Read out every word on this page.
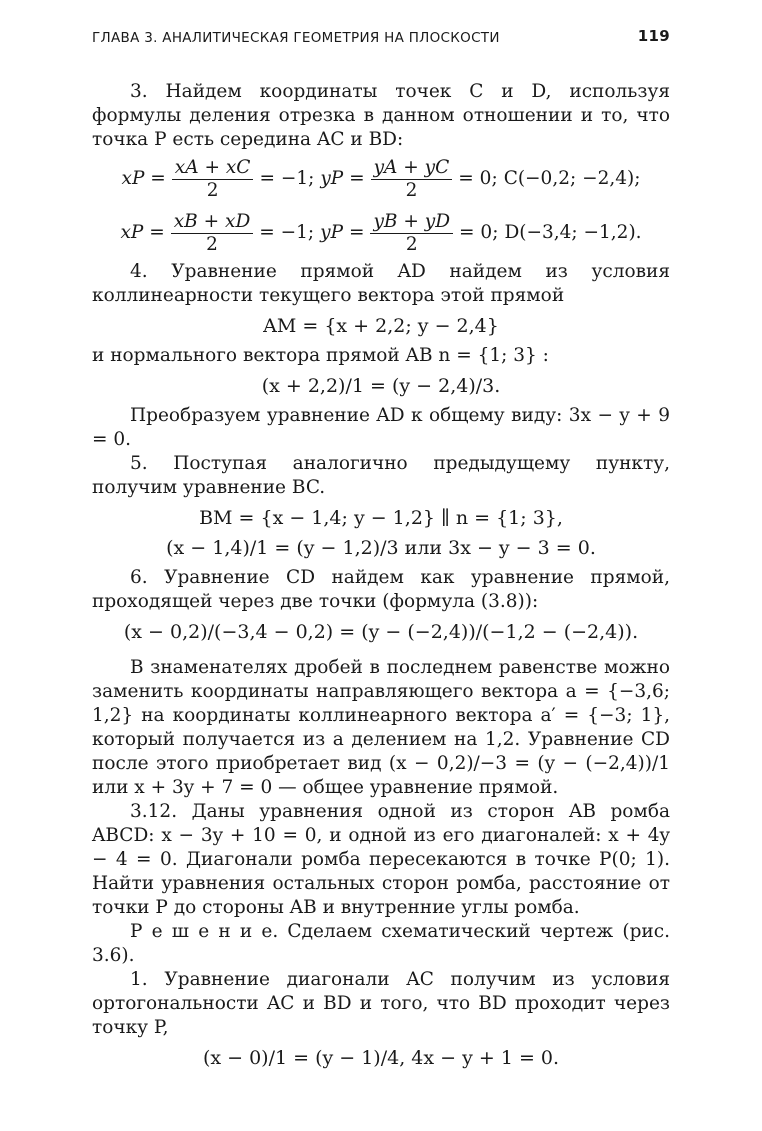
ГЛАВА 3. АНАЛИТИЧЕСКАЯ ГЕОМЕТРИЯ НА ПЛОСКОСТИ	119

3. Найдем координаты точек C и D, используя формулы деления отрезка в данном отношении и то, что точка P есть середина AC и BD:

xP = $\frac{xA + xC}{2} = -1$; yP = $\frac{yA + yC}{2} = 0$; C(−0,2; −2,4);
xP = $\frac{xB + xD}{2} = -1$; yP = $\frac{yB + yD}{2} = 0$; D(−3,4; −1,2).

4. Уравнение прямой AD найдем из условия коллинеарности текущего вектора этой прямой

AM = {x + 2,2; y − 2,4}

и нормального вектора прямой AB n = {1; 3} :

(x + 2,2)/1 = (y − 2,4)/3.

Преобразуем уравнение AD к общему виду: 3x − y + 9 = 0.

5. Поступая аналогично предыдущему пункту, получим уравнение BC.

BM = {x − 1,4; y − 1,2} ∥ n = {1; 3},
(x − 1,4)/1 = (y − 1,2)/3 или 3x − y − 3 = 0.

6. Уравнение CD найдем как уравнение прямой, проходящей через две точки (формула (3.8)):

(x − 0,2)/(−3,4 − 0,2) = (y − (−2,4))/(−1,2 − (−2,4)).

В знаменателях дробей в последнем равенстве можно заменить координаты направляющего вектора a = {−3,6; 1,2} на координаты коллинеарного вектора a′ = {−3; 1}, который получается из a делением на 1,2. Уравнение CD после этого приобретает вид (x − 0,2)/−3 = (y − (−2,4))/1 или x + 3y + 7 = 0 — общее уравнение прямой.

3.12. Даны уравнения одной из сторон AB ромба ABCD: x − 3y + 10 = 0, и одной из его диагоналей: x + 4y − 4 = 0. Диагонали ромба пересекаются в точке P(0; 1). Найти уравнения остальных сторон ромба, расстояние от точки P до стороны AB и внутренние углы ромба.

Р е ш е н и е. Сделаем схематический чертеж (рис. 3.6).

1. Уравнение диагонали AC получим из условия ортогональности AC и BD и того, что BD проходит через точку P,

(x − 0)/1 = (y − 1)/4, 4x − y + 1 = 0.
